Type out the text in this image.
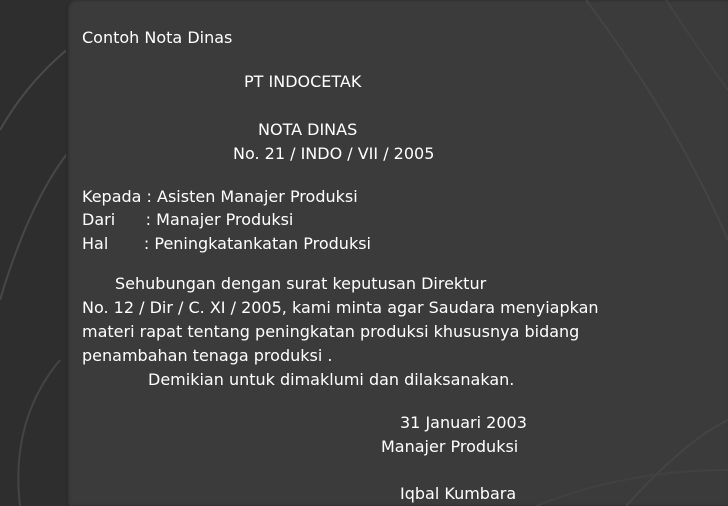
Contoh Nota Dinas
PT INDOCETAK
NOTA DINAS
No. 21 / INDO / VII / 2005
Kepada : Asisten Manajer Produksi
Dari      : Manajer Produksi
Hal       : Peningkatankatan Produksi
Sehubungan dengan surat keputusan Direktur
No. 12 / Dir / C. XI / 2005, kami minta agar Saudara menyiapkan
materi rapat tentang peningkatan produksi khususnya bidang
penambahan tenaga produksi .
Demikian untuk dimaklumi dan dilaksanakan.
31 Januari 2003
Manajer Produksi
Iqbal Kumbara
